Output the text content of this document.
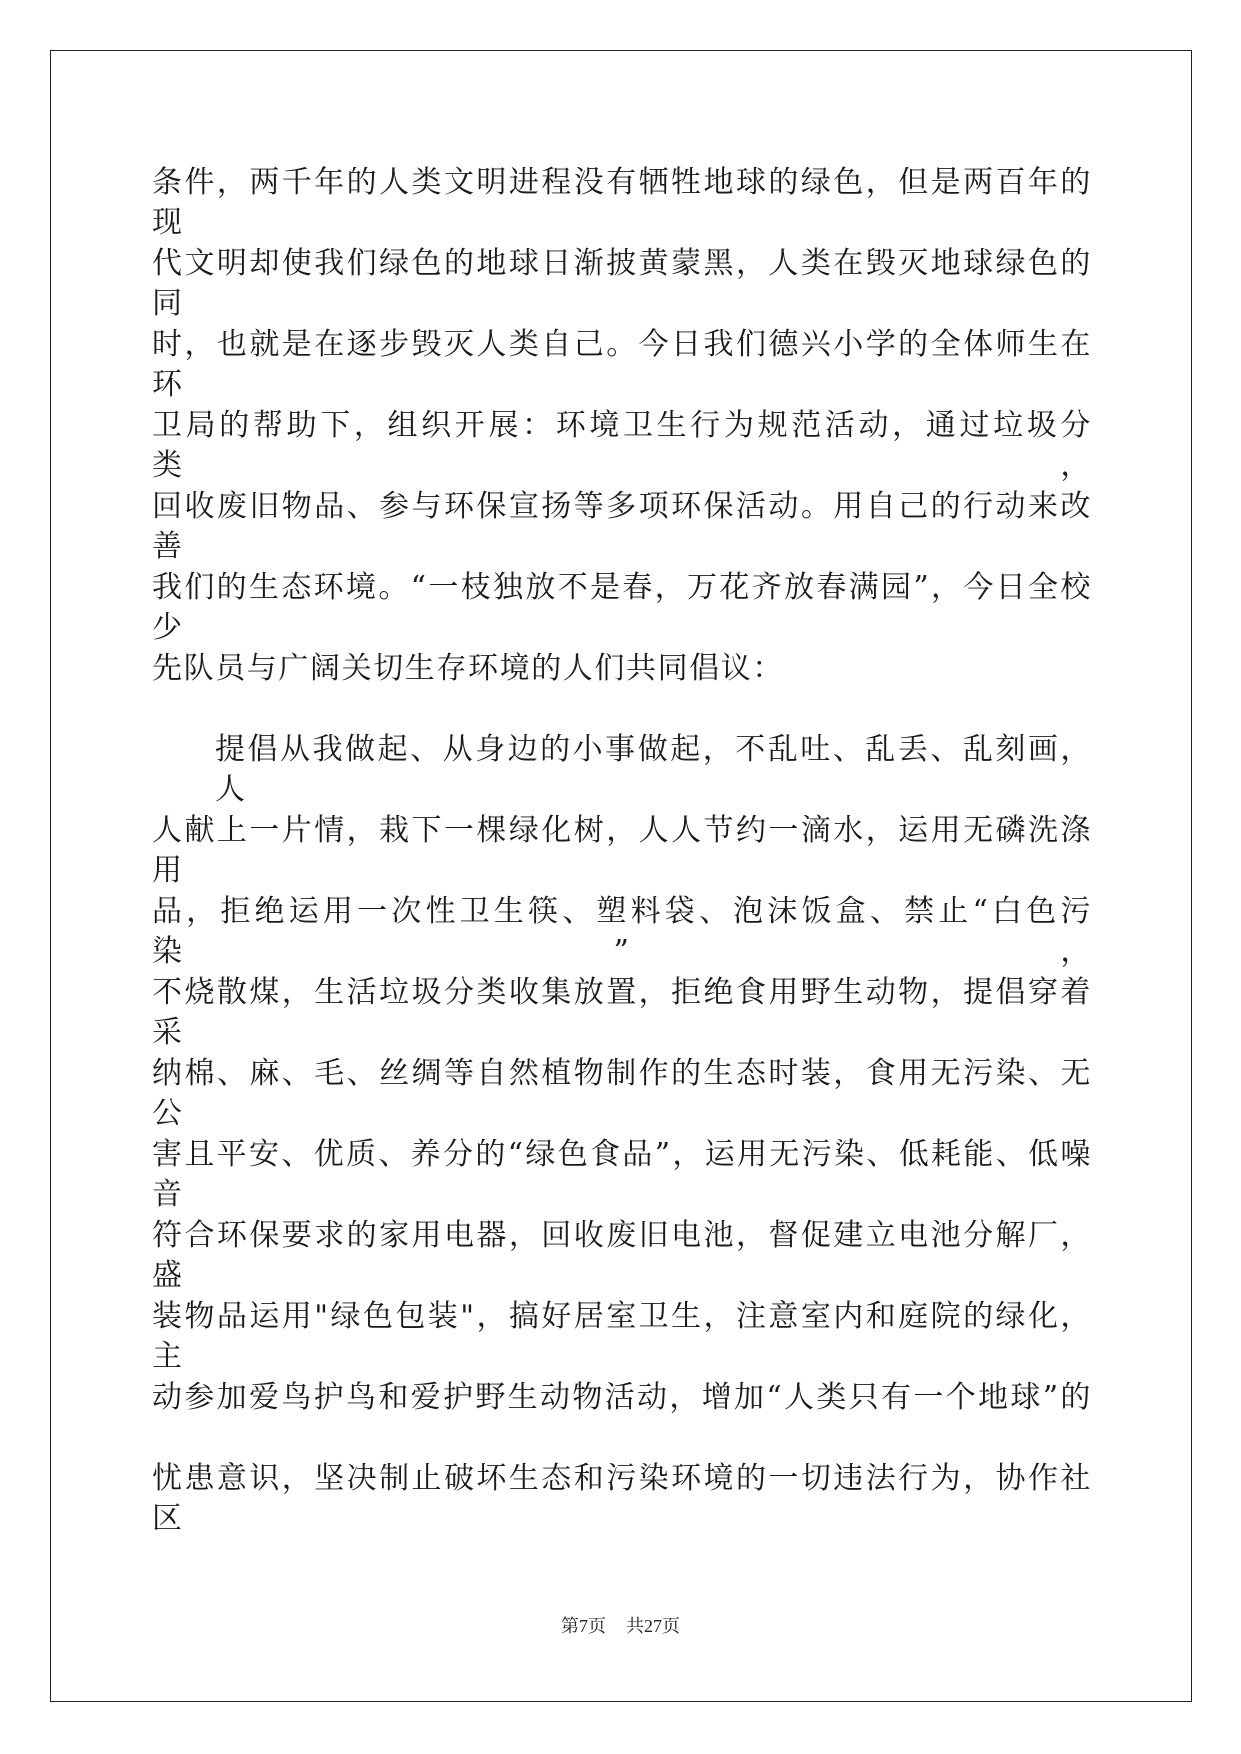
条件，两千年的人类文明进程没有牺牲地球的绿色，但是两百年的现
代文明却使我们绿色的地球日渐披黄蒙黑，人类在毁灭地球绿色的同
时，也就是在逐步毁灭人类自己。今日我们德兴小学的全体师生在环
卫局的帮助下，组织开展：环境卫生行为规范活动，通过垃圾分类，
回收废旧物品、参与环保宣扬等多项环保活动。用自己的行动来改善
我们的生态环境。“一枝独放不是春，万花齐放春满园”，今日全校少
先队员与广阔关切生存环境的人们共同倡议：
提倡从我做起、从身边的小事做起，不乱吐、乱丢、乱刻画，人
人献上一片情，栽下一棵绿化树，人人节约一滴水，运用无磷洗涤用
品，拒绝运用一次性卫生筷、塑料袋、泡沫饭盒、禁止“白色污染”，
不烧散煤，生活垃圾分类收集放置，拒绝食用野生动物，提倡穿着采
纳棉、麻、毛、丝绸等自然植物制作的生态时装，食用无污染、无公
害且平安、优质、养分的“绿色食品”，运用无污染、低耗能、低噪音
符合环保要求的家用电器，回收废旧电池，督促建立电池分解厂，盛
装物品运用"绿色包装"，搞好居室卫生，注意室内和庭院的绿化，主
动参加爱鸟护鸟和爱护野生动物活动，增加“人类只有一个地球”的
忧患意识，坚决制止破坏生态和污染环境的一切违法行为，协作社区
第7页 共27页
